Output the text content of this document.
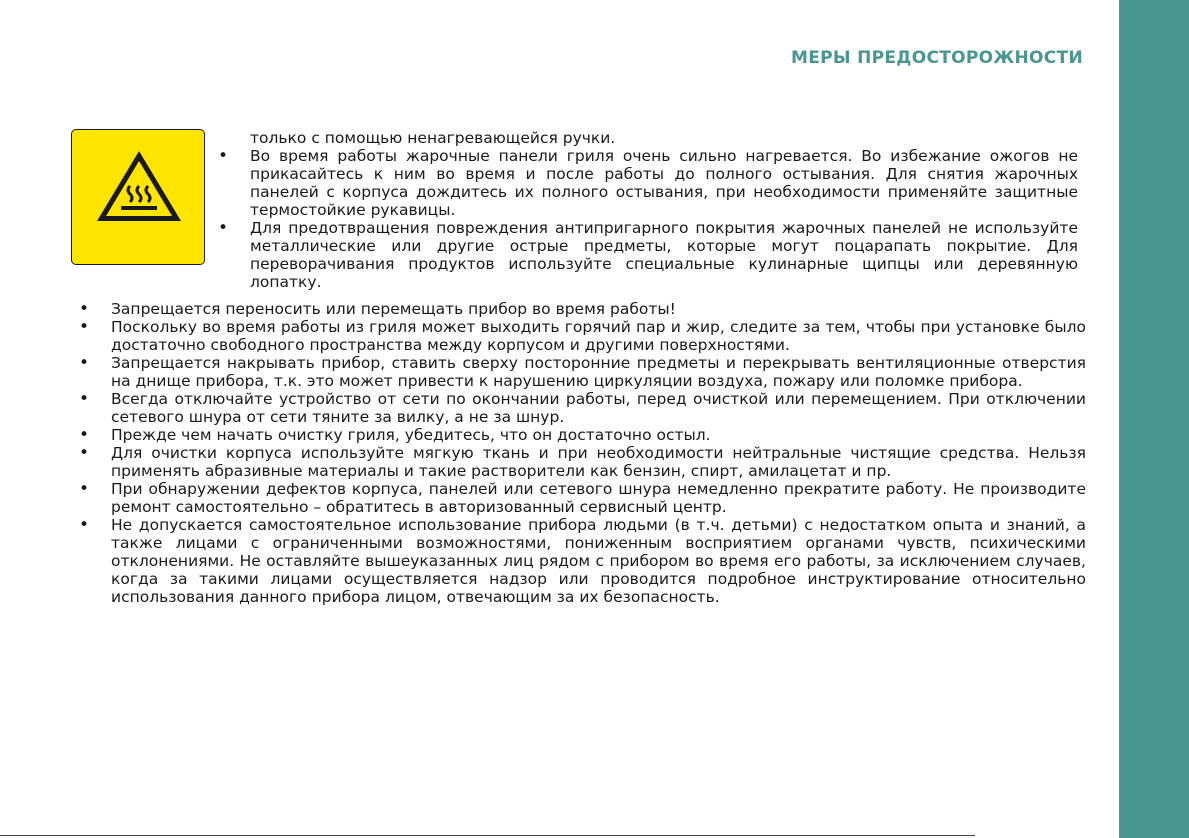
МЕРЫ ПРЕДОСТОРОЖНОСТИ

только с помощью ненагревающейся ручки.

• Во время работы жарочные панели гриля очень сильно нагревается. Во избежание ожогов не прикасайтесь к ним во время и после работы до полного остывания. Для снятия жарочных панелей с корпуса дождитесь их полного остывания, при необходимости применяйте защитные термостойкие рукавицы.
• Для предотвращения повреждения антипригарного покрытия жарочных панелей не используйте металлические или другие острые предметы, которые могут поцарапать покрытие. Для переворачивания продуктов используйте специальные кулинарные щипцы или деревянную лопатку.
• Запрещается переносить или перемещать прибор во время работы!
• Поскольку во время работы из гриля может выходить горячий пар и жир, следите за тем, чтобы при установке было достаточно свободного пространства между корпусом и другими поверхностями.
• Запрещается накрывать прибор, ставить сверху посторонние предметы и перекрывать вентиляционные отверстия на днище прибора, т.к. это может привести к нарушению циркуляции воздуха, пожару или поломке прибора.
• Всегда отключайте устройство от сети по окончании работы, перед очисткой или перемещением. При отключении сетевого шнура от сети тяните за вилку, а не за шнур.
• Прежде чем начать очистку гриля, убедитесь, что он достаточно остыл.
• Для очистки корпуса используйте мягкую ткань и при необходимости нейтральные чистящие средства. Нельзя применять абразивные материалы и такие растворители как бензин, спирт, амилацетат и пр.
• При обнаружении дефектов корпуса, панелей или сетевого шнура немедленно прекратите работу. Не производите ремонт самостоятельно – обратитесь в авторизованный сервисный центр.
• Не допускается самостоятельное использование прибора людьми (в т.ч. детьми) с недостатком опыта и знаний, а также лицами с ограниченными возможностями, пониженным восприятием органами чувств, психическими отклонениями. Не оставляйте вышеуказанных лиц рядом с прибором во время его работы, за исключением случаев, когда за такими лицами осуществляется надзор или проводится подробное инструктирование относительно использования данного прибора лицом, отвечающим за их безопасность.
